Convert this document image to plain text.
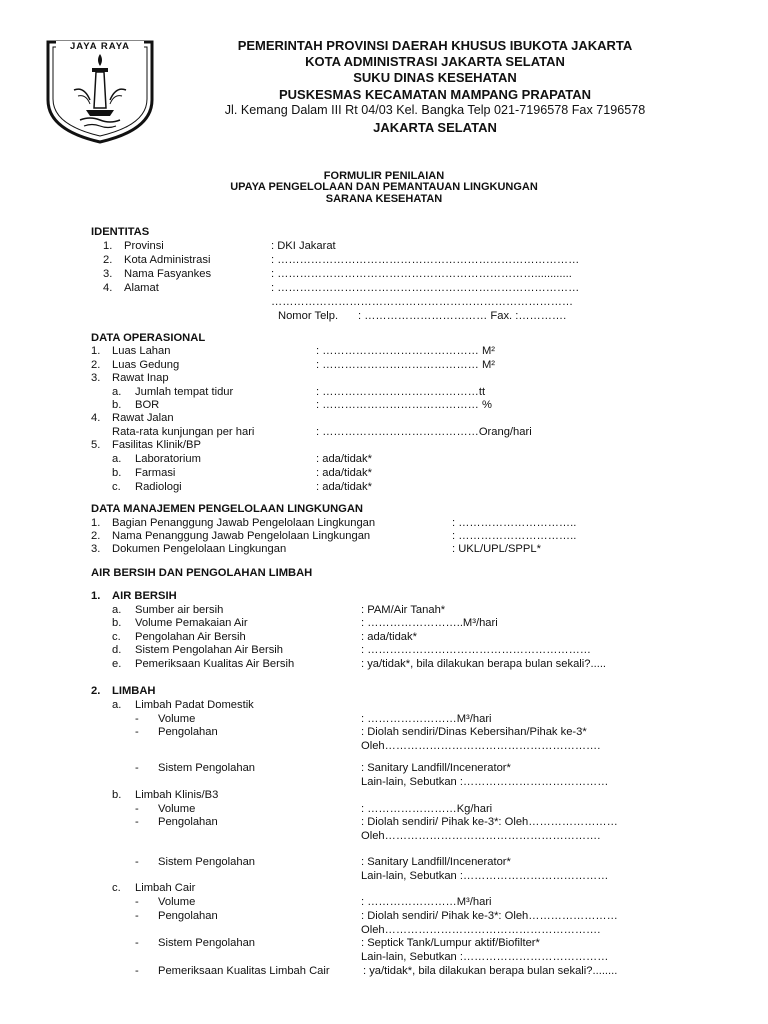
JAYA RAYA	PEMERINTAH PROVINSI DAERAH KHUSUS IBUKOTA JAKARTA
KOTA ADMINISTRASI JAKARTA SELATAN
SUKU DINAS KESEHATAN
PUSKESMAS KECAMATAN MAMPANG PRAPATAN
Jl. Kemang Dalam III Rt 04/03 Kel. Bangka Telp 021-7196578 Fax 7196578
JAKARTA SELATAN
FORMULIR PENILAIAN
UPAYA PENGELOLAAN DAN PEMANTAUAN LINGKUNGAN
SARANA KESEHATAN
IDENTITAS
1. Provinsi	: DKI Jakarat
2. Kota Administrasi	: ………………………………………………………………………
3. Nama Fasyankes	: ……………………………………………………………............
4. Alamat	: ………………………………………………………………………
………………………………………………………………………
Nomor Telp. : …………………………… Fax. :………….
DATA OPERASIONAL
1. Luas Lahan	: …………………………………… M²
2. Luas Gedung	: …………………………………… M²
3. Rawat Inap
a. Jumlah tempat tidur	: ……………………………………tt
b. BOR	: …………………………………… %
4. Rawat Jalan
Rata-rata kunjungan per hari	: ……………………………………Orang/hari
5. Fasilitas Klinik/BP
a. Laboratorium	: ada/tidak*
b. Farmasi	: ada/tidak*
c. Radiologi	: ada/tidak*
DATA MANAJEMEN PENGELOLAAN LINGKUNGAN
1. Bagian Penanggung Jawab Pengelolaan Lingkungan	: …………………………..
2. Nama Penanggung Jawab Pengelolaan Lingkungan	: …………………………..
3. Dokumen Pengelolaan Lingkungan	: UKL/UPL/SPPL*
AIR BERSIH DAN PENGOLAHAN LIMBAH
1. AIR BERSIH
a. Sumber air bersih	: PAM/Air Tanah*
b. Volume Pemakaian Air	: ……………………..M³/hari
c. Pengolahan Air Bersih	: ada/tidak*
d. Sistem Pengolahan Air Bersih	: ……………………………………………………
e. Pemeriksaan Kualitas Air Bersih	: ya/tidak*, bila dilakukan berapa bulan sekali?.....
2. LIMBAH
a. Limbah Padat Domestik
- Volume	: ……………………M³/hari
- Pengolahan	: Diolah sendiri/Dinas Kebersihan/Pihak ke-3*
Oleh………………………………………………….
- Sistem Pengolahan	: Sanitary Landfill/Incenerator*
Lain-lain, Sebutkan :…………………………………
b. Limbah Klinis/B3
- Volume	: ……………………Kg/hari
- Pengolahan	: Diolah sendiri/ Pihak ke-3*: Oleh……………………
Oleh………………………………………………….
- Sistem Pengolahan	: Sanitary Landfill/Incenerator*
Lain-lain, Sebutkan :…………………………………
c. Limbah Cair
- Volume	: ……………………M³/hari
- Pengolahan	: Diolah sendiri/ Pihak ke-3*: Oleh……………………
Oleh………………………………………………….
- Sistem Pengolahan	: Septick Tank/Lumpur aktif/Biofilter*
Lain-lain, Sebutkan :…………………………………
- Pemeriksaan Kualitas Limbah Cair	: ya/tidak*, bila dilakukan berapa bulan sekali?........
